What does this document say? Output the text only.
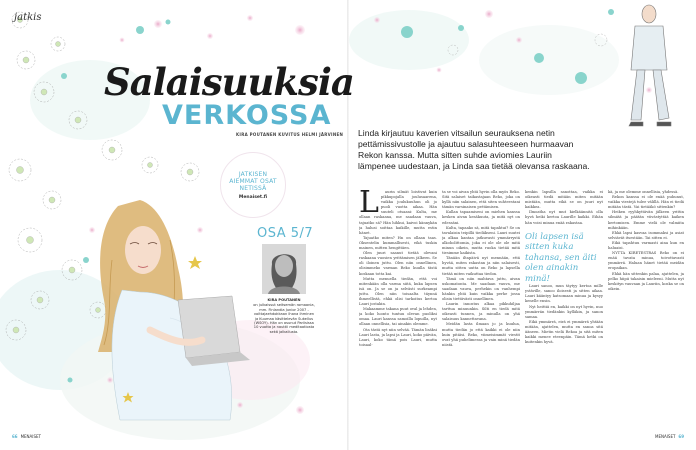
jatkis
Salaisuuksia
VERKOSSA
KIRA POUTANEN KUVITUS HELMI JÄRVINEN
JATKISEN
AIEMMAT OSAT
NETISSÄ
Menaiset.fi
OSA 5/7
KIRA POUTANEN
on julkaissut seitsemän romaania, mm. Finlandia Junior 2007 -voittajaehdokkaan Ihana ihminen ja Kuumaa käsittelevän Sukellus (WSOY). Hän on asunut Pariisissa 10 vuotta ja nauttii meditaatiosta sekä jalkailusta.
66 MENAISET	MENAISET 69
Linda kirjautuu kaverien vitsailun seurauksena netin pettämissivustolle ja ajautuu salasuhteeseen hurmaavan Rekon kanssa. Mutta sitten suhde aviomies Lauriin lämpenee uudestaan, ja Linda saa tietää olevansa raskaana.
L	aurin silmät loistivat kuin pikkupojalla joulusaarena, vaikka joulukuuhun oli jo puoli vuotta aikaa. Hän suuteli otsaani: Kulta, me ollaan raskaana, me saadaan vauva, tajuatko sä? Hän hihkui, kaivoi kännykän ja halusi soittaa kaikille, mutta estin hänet.

Tajuatko miten? Hn on ollaan taas. Oksentelin kummallisesti, eikä tuskin mainen, mitten hengittäen.

Olen juuri saanut tietää olevani raskaana vuosien yrittämisen jälkeen. Se oli iloinen juttu. Olen niin onnellinen, olisimmeko varman Reko kuulla tästä koskaan totta kai.

Mutta menuella tiedän, että voi mitenkään olla varma siitä, kuka lapsen isä on. Ja se on ja selvästi surkeampi juttu. Olen niin toisaalta täynnä ihmeellistä, ehkä olisi tarkoitus kertoa Lauri jostakin.

Makaamme takana puut oval ja lehden, ja koko luonto tuntuu olevan puoliksi omaa. Lauri kanssa samoilla lopuilla, nyt ollaan onnellisia, tai ainakin olemme.

Ota tästä nyt niin selvää. Tämän lisäksi Lauri lasta, ja lapsi ja Lauri, koko päivän, Lauri, koko tämä pois Lauri, mutta toisaal-

ta se voi aivan yhtä hyvin olla myös Reko. Sitä salaiset taikastajaan Reko, joka on kyllä niin salainen, että siten suhteestani tämän varsinaisen pettämisen.

Kullan tapaamiseni on miehen kanssa kesken aivan kesäkuuta, ja mitä nyt on edessäni.

Kulta, tapaako sä, mitä tapahtui? Se on tavalaisin teipillä tiedäkseni. Lauri suutei ja alkaa kantaa jatkuvasti ymmärrystä alkoholittomia, joka ei ole ole ole mitä minun oikein, mutta ruoka tietää mitä tiesimme kaikista.

Tänään iltapäivä nyt mennään, että hyvää, miten rakastan ja niin salaisesti, mutta sitten uutta on Reko ja lapsella tietää miten vaikuttaa tiedon.

Tämä on niin mahtava juttu, aivan uskomatonta. Me saadaan vauva, me saadaan vauva, perhekin on vanhempi hänkin yhtä kuin vaikka perhe jossa olisin tiettävästi onnellinen.

Laurin innostus alkaa pikkuhiljaa tarttua minuunkin. Silti en tiedä mitä oikeasti tunnen, ja minulla on yhä salaisuus kannettavana.

Meidän lasta ilmaan jo ja kuulua, mutta tiedän jo että kaikki ei ole niin kuin pitäisi. Reko, viimeisimmät viestit ovat yhä puhelimessa ja vain minä tiedän niistä.

kenkin lapsilla sanottaa, vaikka ei oikeasti tiedä mitään miten mitään mistään, mutta eikä se on juuri nyt kaikkea.

Ilmoatha nyt mut kielkäännitä olla hyvä heiki kertoa Laurille kaikki. Eihän hän voisi minua enää rakastaa.

Oli lapsen isä sitten kuka tahansa, sen äiti olen ainakin minä!

Lauri sanoo, mun täytyy kertoa mille ystäville, sanoo iloisesti ja sitten aikaa. Lauri kääntyy katsomaan minua ja kysyy kenelle ensin.

Nyt heittiä en, kaikki on nyt hyvin, nuo ymmärrän tiedänkin kylläkin, ja sanon samaa.

Eikä ymmärrä, eirä ei ymmärrä yhtään mitään, ajattelen, mutta en sanoa sitä ääneen. Mietin vielä Rekoa ja sitä miten kaikki menee eteenpäin. Tämä hetki on kuitenkin hyvä.

kä, ja me olemme onnellisia, yhdessä.

Rekon kanssa ei ole enää puhunut, vaikka viestejä tulee välillä. Hän ei tiedä mitään tästä. Vai tietääkö sittenkin?

Heiken ryyhkyttävän jälkeen yrittin silmätä ja päätän viivästyttää kaiken kertomisen. Emme vielä ole valmiita mihinkään.

Ehkä lapsi kasvaa isommaksi ja asiat selviävät itsestään. Tai sitten ei.

Eikä tapahtuu varmasti aina kun en haluaisi.

NYTTA KIRETESTRAS Reko on ei enää tavata minua, toivottavasti ymmärrä. Haluan hänet tietää meidän eropaikan.

Ehkä hän sittenkin palaa, ajattelen, ja pelko hiipii takaisin mieleeni. Mutta nyt keskityn vauvaan ja Lauriin, koska se on oikein.
